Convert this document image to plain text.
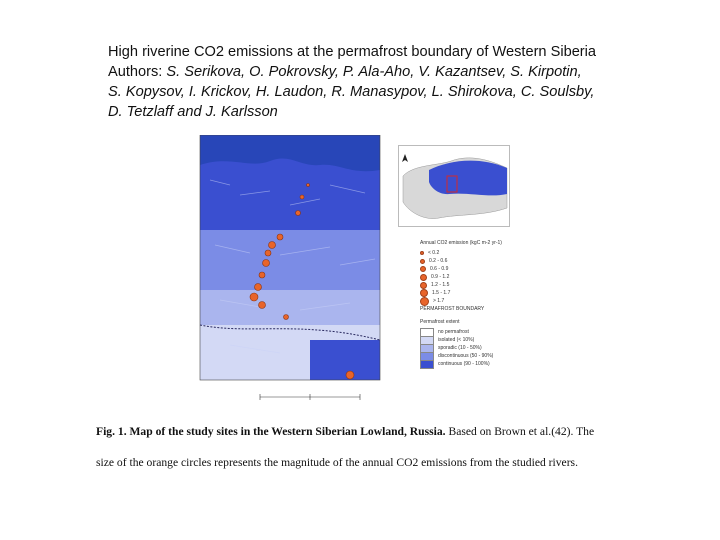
High riverine CO2 emissions at the permafrost boundary of Western Siberia
Authors: S. Serikova, O. Pokrovsky, P. Ala-Aho, V. Kazantsev, S. Kirpotin,
S. Kopysov, I. Krickov, H. Laudon, R. Manasypov, L. Shirokova, C. Soulsby,
D. Tetzlaff and J. Karlsson
Annual CO2 emission (kgC m-2 yr-1)
< 0.2
0.2 - 0.6
0.6 - 0.9
0.9 - 1.2
1.2 - 1.5
1.5 - 1.7
> 1.7
PERMAFROST BOUNDARY
Permafrost extent
no permafrost
isolated (< 10%)
sporadic (10 - 50%)
discontinuous (50 - 90%)
continuous (90 - 100%)
Fig. 1. Map of the study sites in the Western Siberian Lowland, Russia. Based on Brown et al.(42). The size of the orange circles represents the magnitude of the annual CO2 emissions from the studied rivers.
